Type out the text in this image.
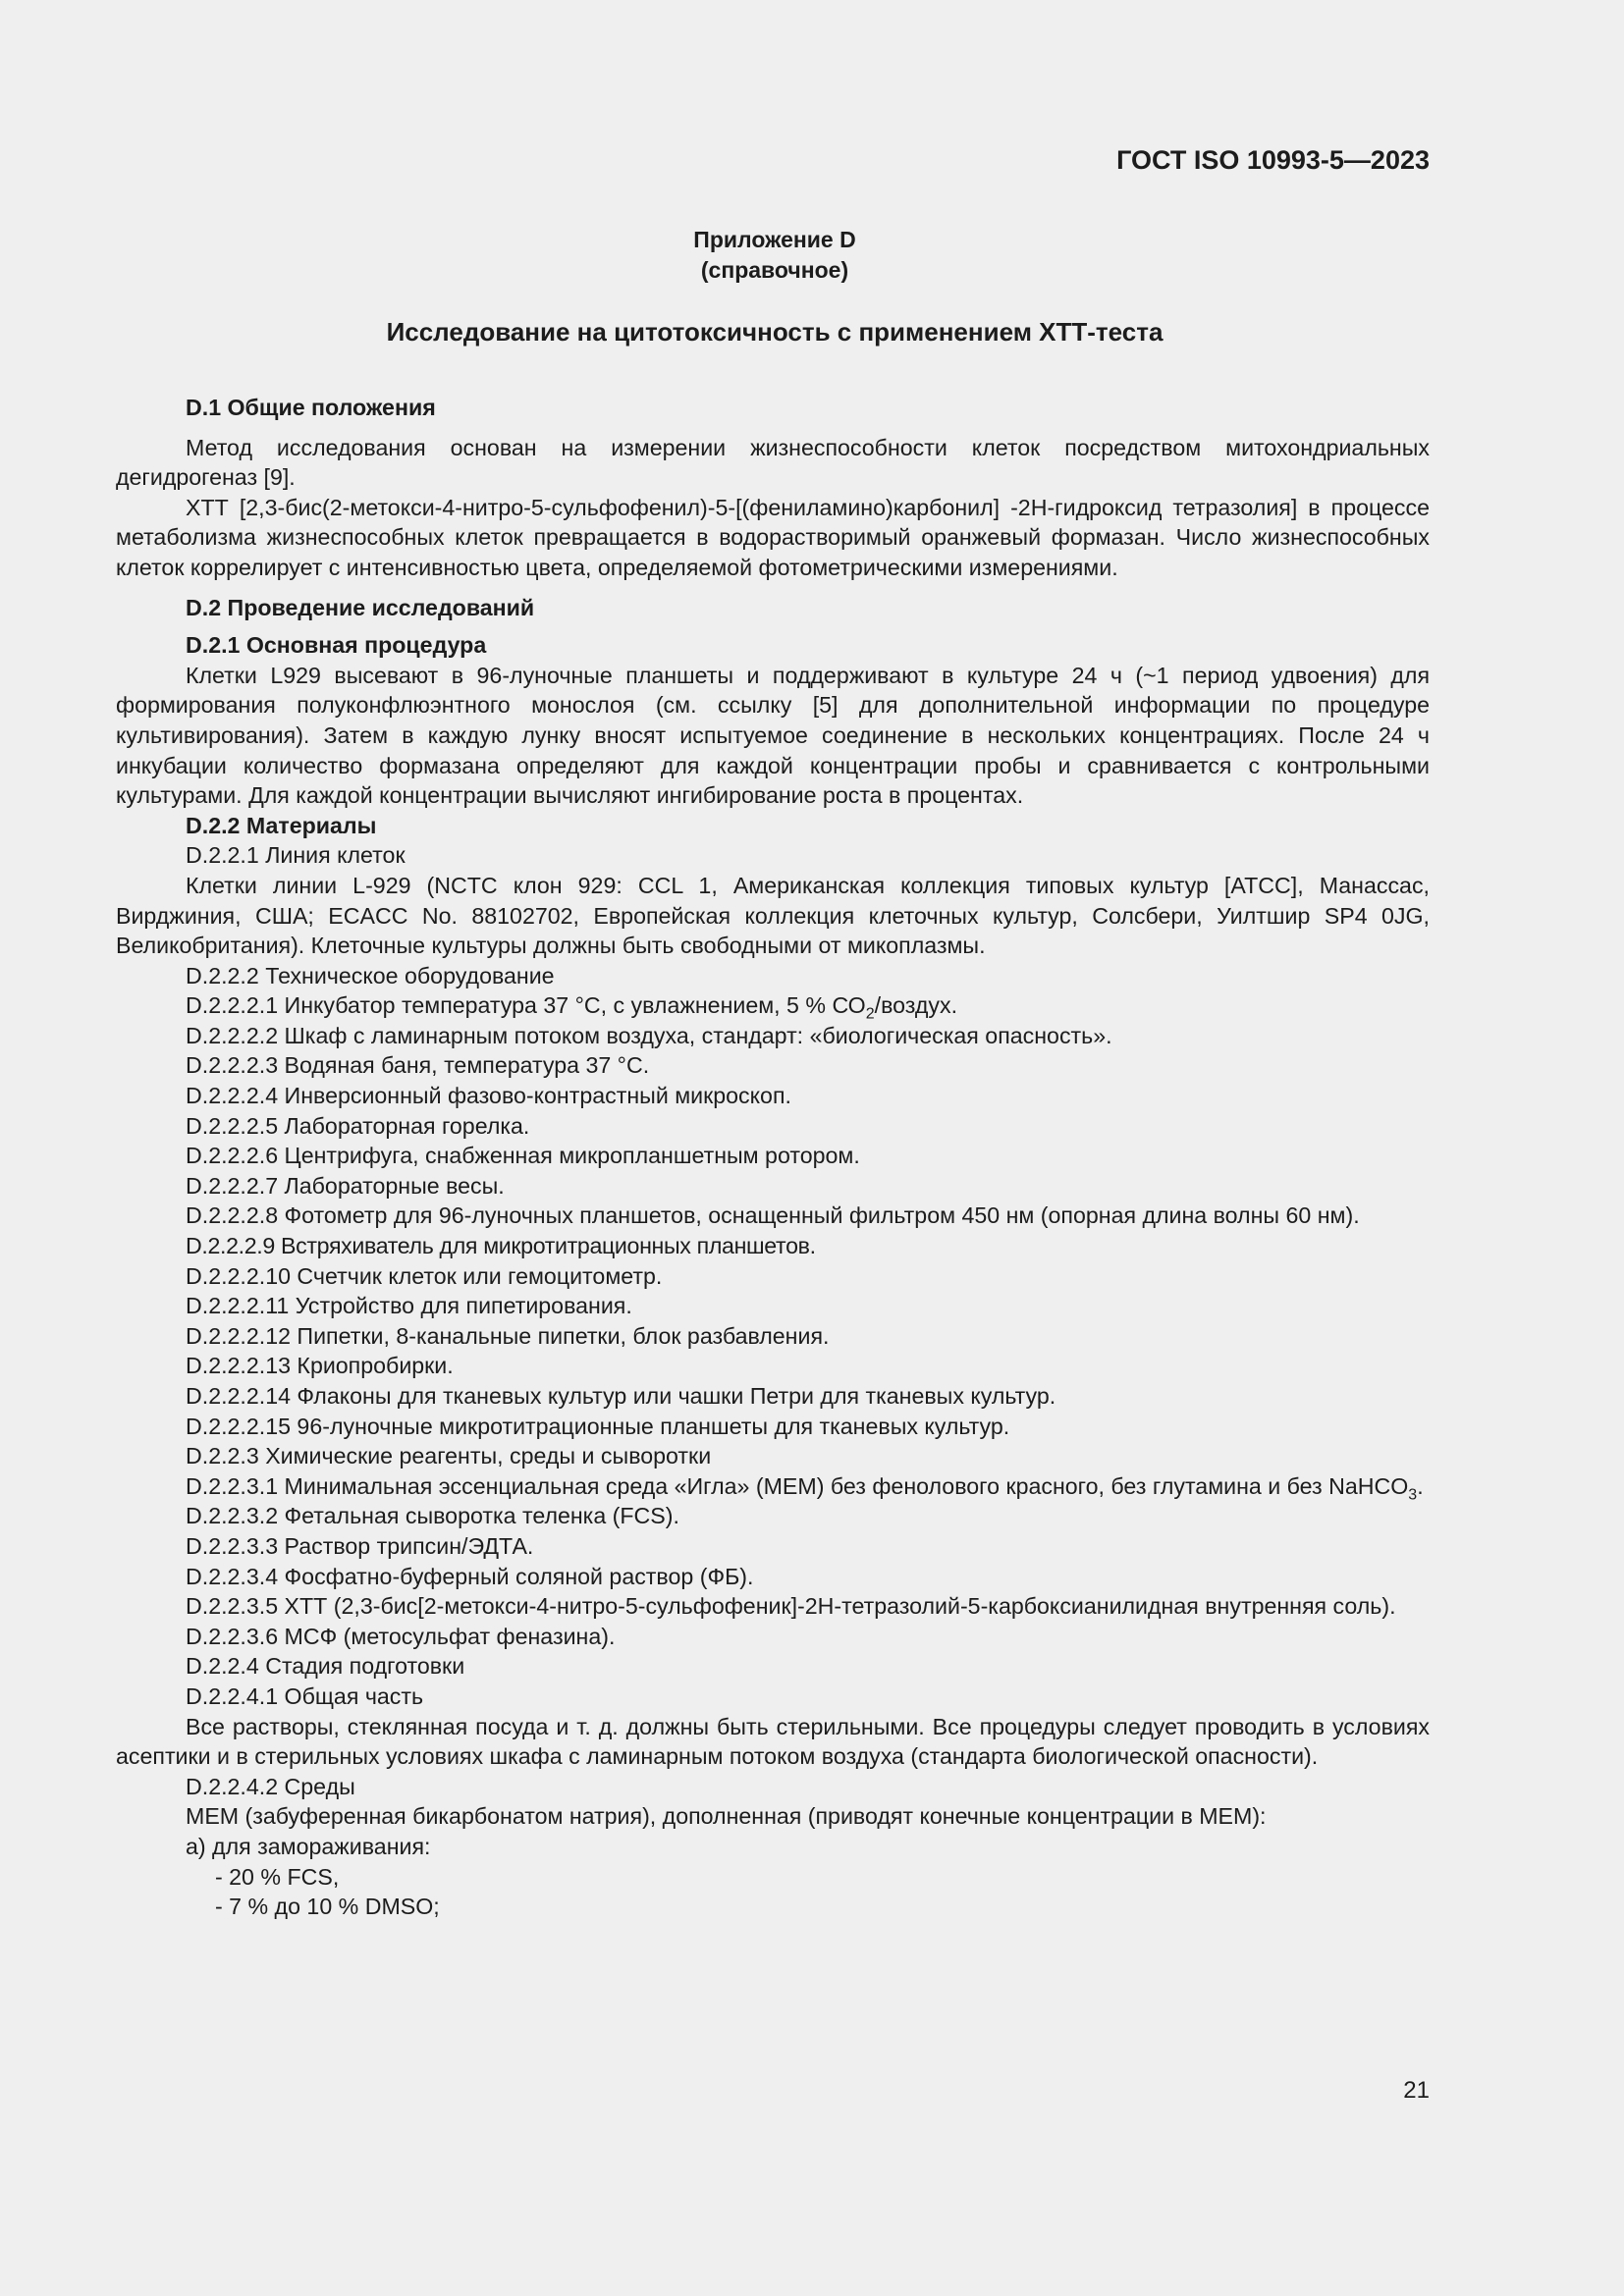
ГОСТ ISO 10993-5—2023
Приложение D
(справочное)
Исследование на цитотоксичность с применением ХТТ-теста

D.1 Общие положения

Метод исследования основан на измерении жизнеспособности клеток посредством митохондриальных дегидрогеназ [9].

ХТТ [2,3-бис(2-метокси-4-нитро-5-сульфофенил)-5-[(фениламино)карбонил] -2Н-гидроксид тетразолия] в процессе метаболизма жизнеспособных клеток превращается в водорастворимый оранжевый формазан. Число жизнеспособных клеток коррелирует с интенсивностью цвета, определяемой фотометрическими измерениями.

D.2 Проведение исследований

D.2.1 Основная процедура

Клетки L929 высевают в 96-луночные планшеты и поддерживают в культуре 24 ч (~1 период удвоения) для формирования полуконфлюэнтного монослоя (см. ссылку [5] для дополнительной информации по процедуре культивирования). Затем в каждую лунку вносят испытуемое соединение в нескольких концентрациях. После 24 ч инкубации количество формазана определяют для каждой концентрации пробы и сравнивается с контрольными культурами. Для каждой концентрации вычисляют ингибирование роста в процентах.

D.2.2 Материалы

D.2.2.1 Линия клеток

Клетки линии L-929 (NCTC клон 929: CCL 1, Американская коллекция типовых культур [ATCC], Манассас, Вирджиния, США; ECACC No. 88102702, Европейская коллекция клеточных культур, Солсбери, Уилтшир SP4 0JG, Великобритания). Клеточные культуры должны быть свободными от микоплазмы.

D.2.2.2 Техническое оборудование

D.2.2.2.1 Инкубатор температура 37 °С, с увлажнением, 5 % $СО_2$/воздух.

D.2.2.2.2 Шкаф с ламинарным потоком воздуха, стандарт: «биологическая опасность».

D.2.2.2.3 Водяная баня, температура 37 °С.

D.2.2.2.4 Инверсионный фазово-контрастный микроскоп.

D.2.2.2.5 Лабораторная горелка.

D.2.2.2.6 Центрифуга, снабженная микропланшетным ротором.

D.2.2.2.7 Лабораторные весы.

D.2.2.2.8 Фотометр для 96-луночных планшетов, оснащенный фильтром 450 нм (опорная длина волны 60 нм).

D.2.2.2.9 Встряхиватель для микротитрационных планшетов.

D.2.2.2.10 Счетчик клеток или гемоцитометр.

D.2.2.2.11 Устройство для пипетирования.

D.2.2.2.12 Пипетки, 8-канальные пипетки, блок разбавления.

D.2.2.2.13 Криопробирки.

D.2.2.2.14 Флаконы для тканевых культур или чашки Петри для тканевых культур.

D.2.2.2.15 96-луночные микротитрационные планшеты для тканевых культур.

D.2.2.3 Химические реагенты, среды и сыворотки

D.2.2.3.1 Минимальная эссенциальная среда «Игла» (МЕМ) без фенолового красного, без глутамина и без NaHCO$_3$.

D.2.2.3.2 Фетальная сыворотка теленка (FCS).

D.2.2.3.3 Раствор трипсин/ЭДТА.

D.2.2.3.4 Фосфатно-буферный соляной раствор (ФБ).

D.2.2.3.5 ХТТ (2,3-бис[2-метокси-4-нитро-5-сульфофеник]-2Н-тетразолий-5-карбоксианилидная внутренняя соль).

D.2.2.3.6 МСФ (метосульфат феназина).

D.2.2.4 Стадия подготовки

D.2.2.4.1 Общая часть

Все растворы, стеклянная посуда и т. д. должны быть стерильными. Все процедуры следует проводить в условиях асептики и в стерильных условиях шкафа с ламинарным потоком воздуха (стандарта биологической опасности).

D.2.2.4.2 Среды

МЕМ (забуференная бикарбонатом натрия), дополненная (приводят конечные концентрации в МЕМ):

а) для замораживания:

- 20 % FCS,

- 7 % до 10 % DMSO;

21
